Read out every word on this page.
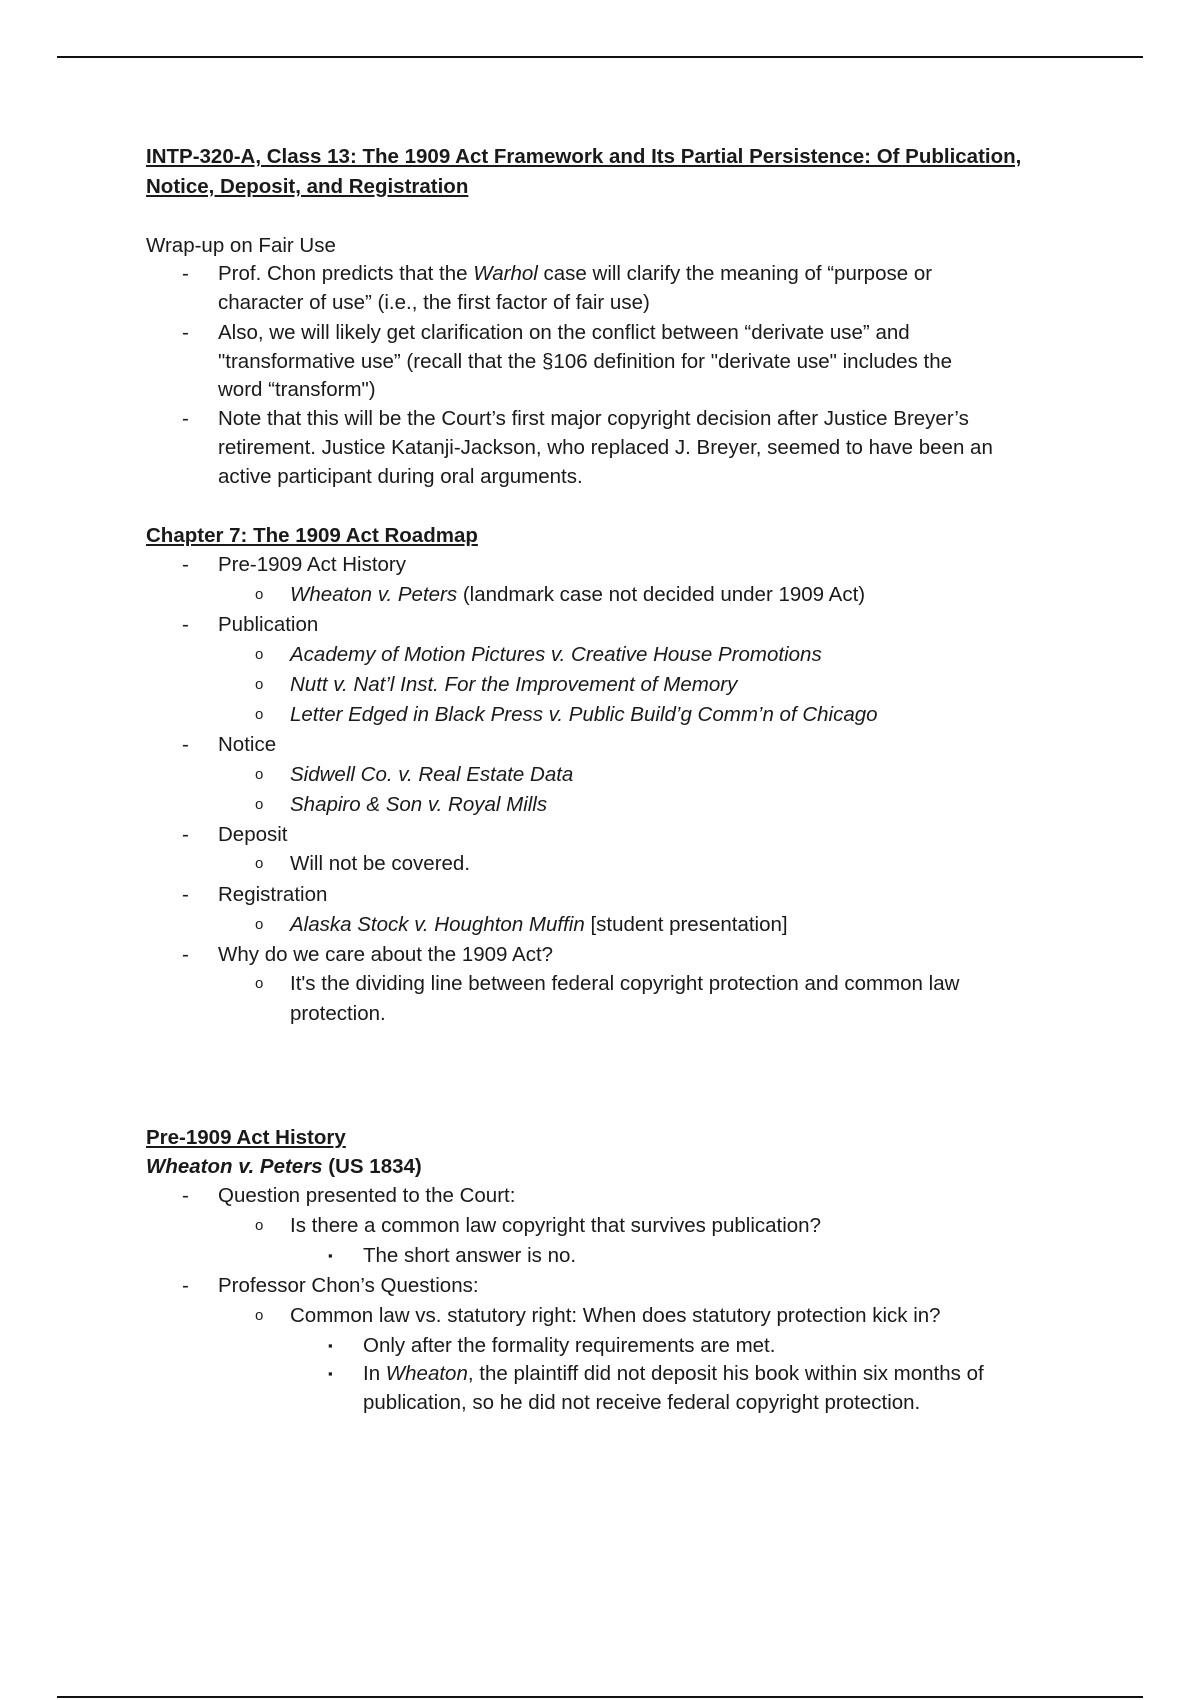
INTP-320-A, Class 13: The 1909 Act Framework and Its Partial Persistence: Of Publication,
Notice, Deposit, and Registration
Wrap-up on Fair Use
- Prof. Chon predicts that the Warhol case will clarify the meaning of “purpose or
character of use” (i.e., the first factor of fair use)
- Also, we will likely get clarification on the conflict between “derivate use” and
"transformative use” (recall that the §106 definition for "derivate use" includes the
word “transform")
- Note that this will be the Court’s first major copyright decision after Justice Breyer’s
retirement. Justice Katanji-Jackson, who replaced J. Breyer, seemed to have been an
active participant during oral arguments.
Chapter 7: The 1909 Act Roadmap
- Pre-1909 Act History
o Wheaton v. Peters (landmark case not decided under 1909 Act)
- Publication
o Academy of Motion Pictures v. Creative House Promotions
o Nutt v. Nat’l Inst. For the Improvement of Memory
o Letter Edged in Black Press v. Public Build’g Comm’n of Chicago
- Notice
o Sidwell Co. v. Real Estate Data
o Shapiro & Son v. Royal Mills
- Deposit
o Will not be covered.
- Registration
o Alaska Stock v. Houghton Muffin [student presentation]
- Why do we care about the 1909 Act?
o It's the dividing line between federal copyright protection and common law
protection.
Pre-1909 Act History
Wheaton v. Peters (US 1834)
- Question presented to the Court:
o Is there a common law copyright that survives publication?
▪ The short answer is no.
- Professor Chon’s Questions:
o Common law vs. statutory right: When does statutory protection kick in?
▪ Only after the formality requirements are met.
▪ In Wheaton, the plaintiff did not deposit his book within six months of
publication, so he did not receive federal copyright protection.
